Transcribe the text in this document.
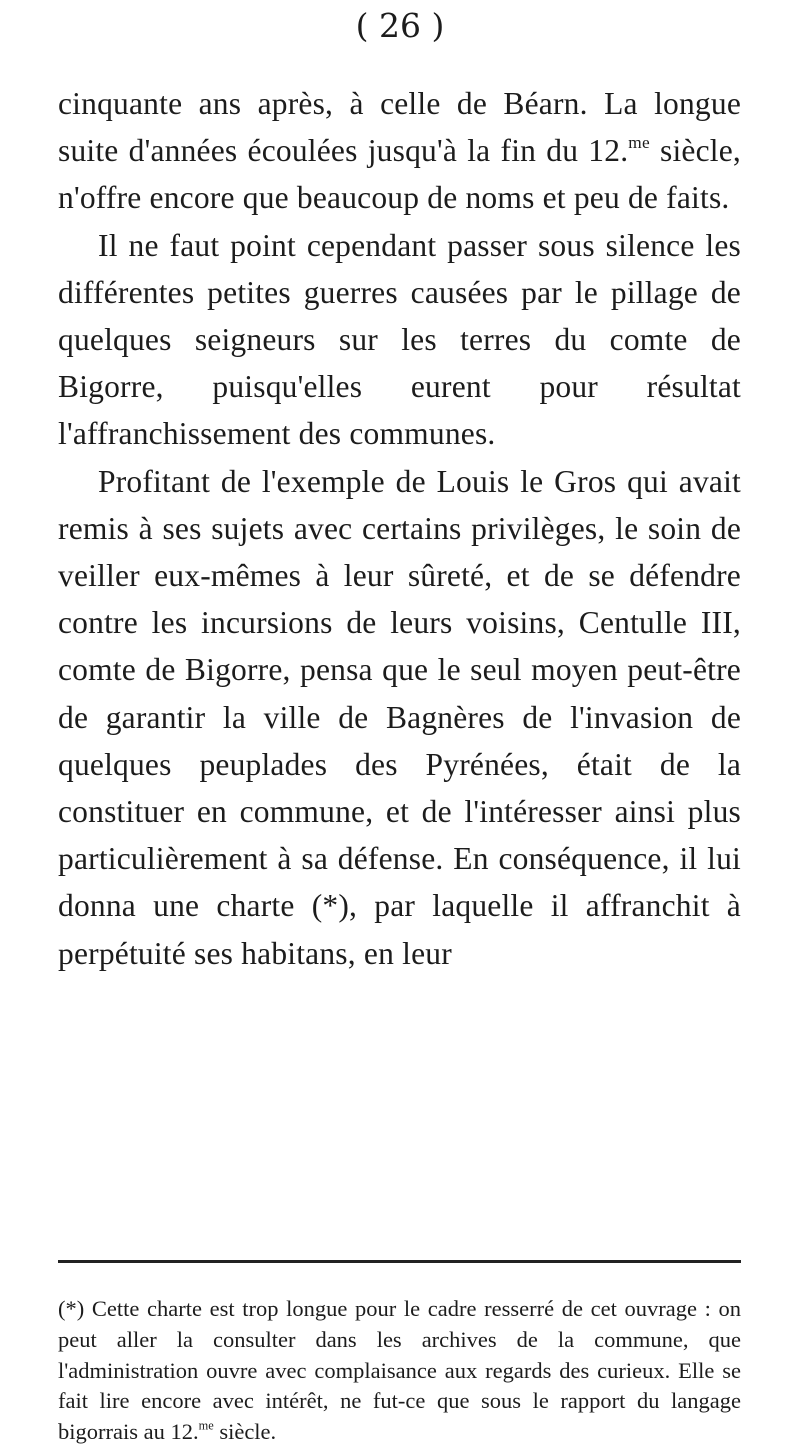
( 26 )

cinquante ans après, à celle de Béarn. La longue suite d'années écoulées jusqu'à la fin du 12.$^{me}$ siècle, n'offre encore que beaucoup de noms et peu de faits.

Il ne faut point cependant passer sous silence les différentes petites guerres causées par le pillage de quelques seigneurs sur les terres du comte de Bigorre, puisqu'elles eurent pour résultat l'affranchissement des communes.

Profitant de l'exemple de Louis le Gros qui avait remis à ses sujets avec certains privilèges, le soin de veiller eux-mêmes à leur sûreté, et de se défendre contre les incursions de leurs voisins, Centulle III, comte de Bigorre, pensa que le seul moyen peut-être de garantir la ville de Bagnères de l'invasion de quelques peuplades des Pyrénées, était de la constituer en commune, et de l'intéresser ainsi plus particulièrement à sa défense. En conséquence, il lui donna une charte (*), par laquelle il affranchit à perpétuité ses habitans, en leur

(*) Cette charte est trop longue pour le cadre resserré de cet ouvrage : on peut aller la consulter dans les archives de la commune, que l'administration ouvre avec complaisance aux regards des curieux. Elle se fait lire encore avec intérêt, ne fut-ce que sous le rapport du langage bigorrais au 12.$^{me}$ siècle.
